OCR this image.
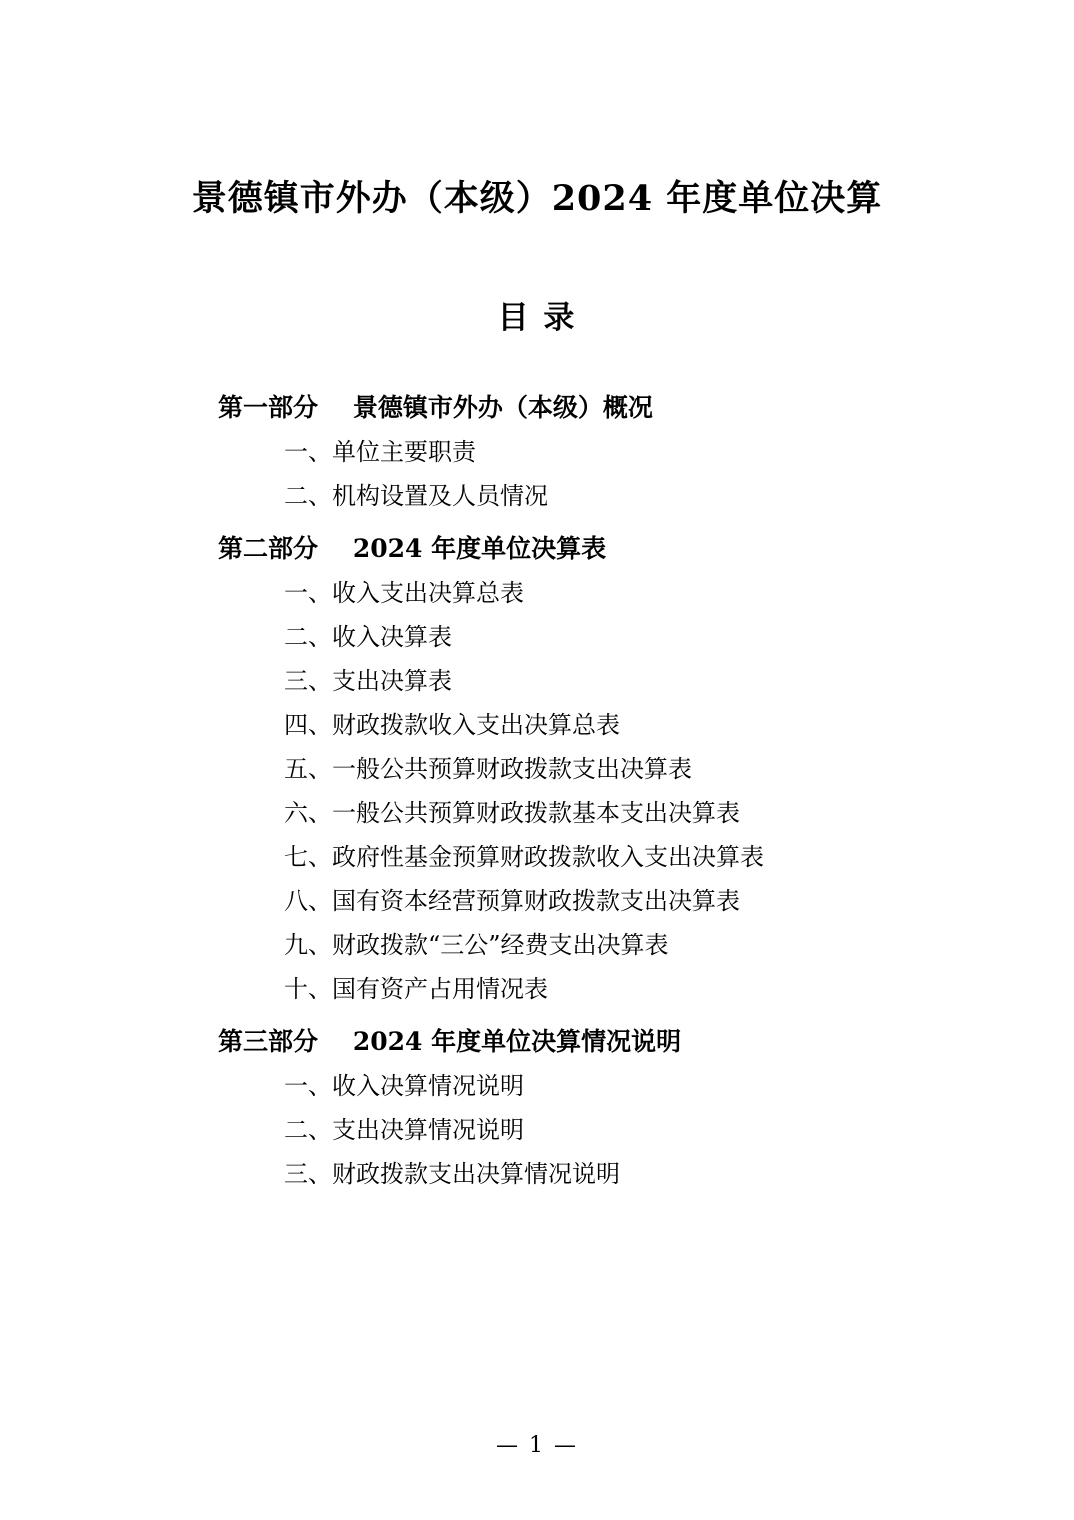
景德镇市外办（本级）2024 年度单位决算
目 录
第一部分    景德镇市外办（本级）概况
一、单位主要职责
二、机构设置及人员情况
第二部分    2024 年度单位决算表
一、收入支出决算总表
二、收入决算表
三、支出决算表
四、财政拨款收入支出决算总表
五、一般公共预算财政拨款支出决算表
六、一般公共预算财政拨款基本支出决算表
七、政府性基金预算财政拨款收入支出决算表
八、国有资本经营预算财政拨款支出决算表
九、财政拨款“三公”经费支出决算表
十、国有资产占用情况表
第三部分    2024 年度单位决算情况说明
一、收入决算情况说明
二、支出决算情况说明
三、财政拨款支出决算情况说明
— 1 —
